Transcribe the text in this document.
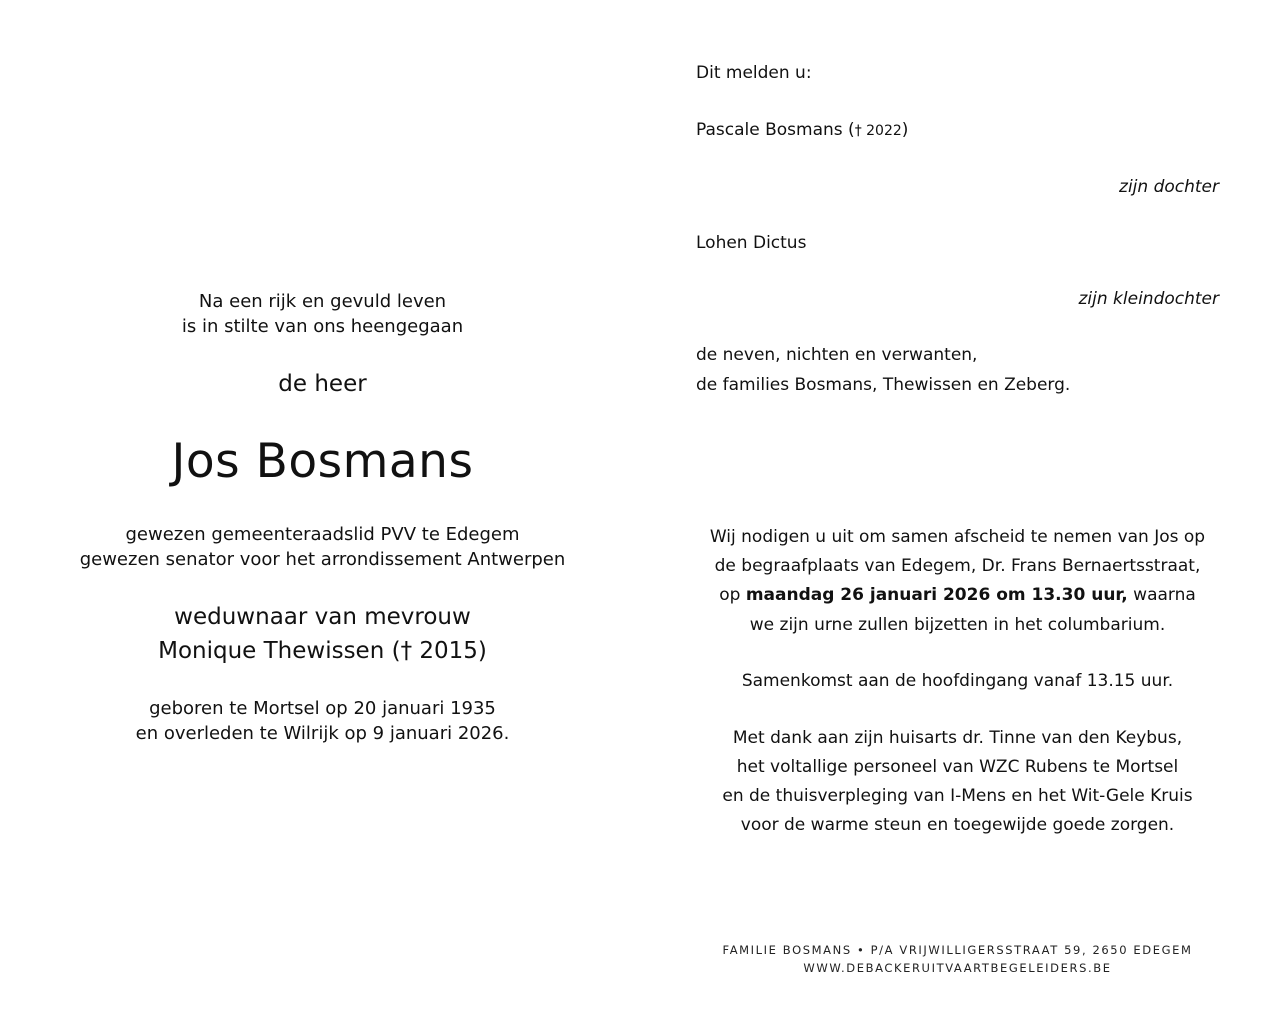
Na een rijk en gevuld leven
is in stilte van ons heengegaan
de heer
Jos Bosmans
gewezen gemeenteraadslid PVV te Edegem
gewezen senator voor het arrondissement Antwerpen
weduwnaar van mevrouw
Monique Thewissen († 2015)
geboren te Mortsel op 20 januari 1935
en overleden te Wilrijk op 9 januari 2026.
Dit melden u:
Pascale Bosmans († 2022)
zijn dochter
Lohen Dictus
zijn kleindochter
de neven, nichten en verwanten,
de families Bosmans, Thewissen en Zeberg.
Wij nodigen u uit om samen afscheid te nemen van Jos op
de begraafplaats van Edegem, Dr. Frans Bernaertsstraat,
op maandag 26 januari 2026 om 13.30 uur, waarna
we zijn urne zullen bijzetten in het columbarium.
Samenkomst aan de hoofdingang vanaf 13.15 uur.
Met dank aan zijn huisarts dr. Tinne van den Keybus,
het voltallige personeel van WZC Rubens te Mortsel
en de thuisverpleging van I-Mens en het Wit-Gele Kruis
voor de warme steun en toegewijde goede zorgen.
FAMILIE BOSMANS • P/A VRIJWILLIGERSSTRAAT 59, 2650 EDEGEM
WWW.DEBACKERUITVAARTBEGELEIDERS.BE
